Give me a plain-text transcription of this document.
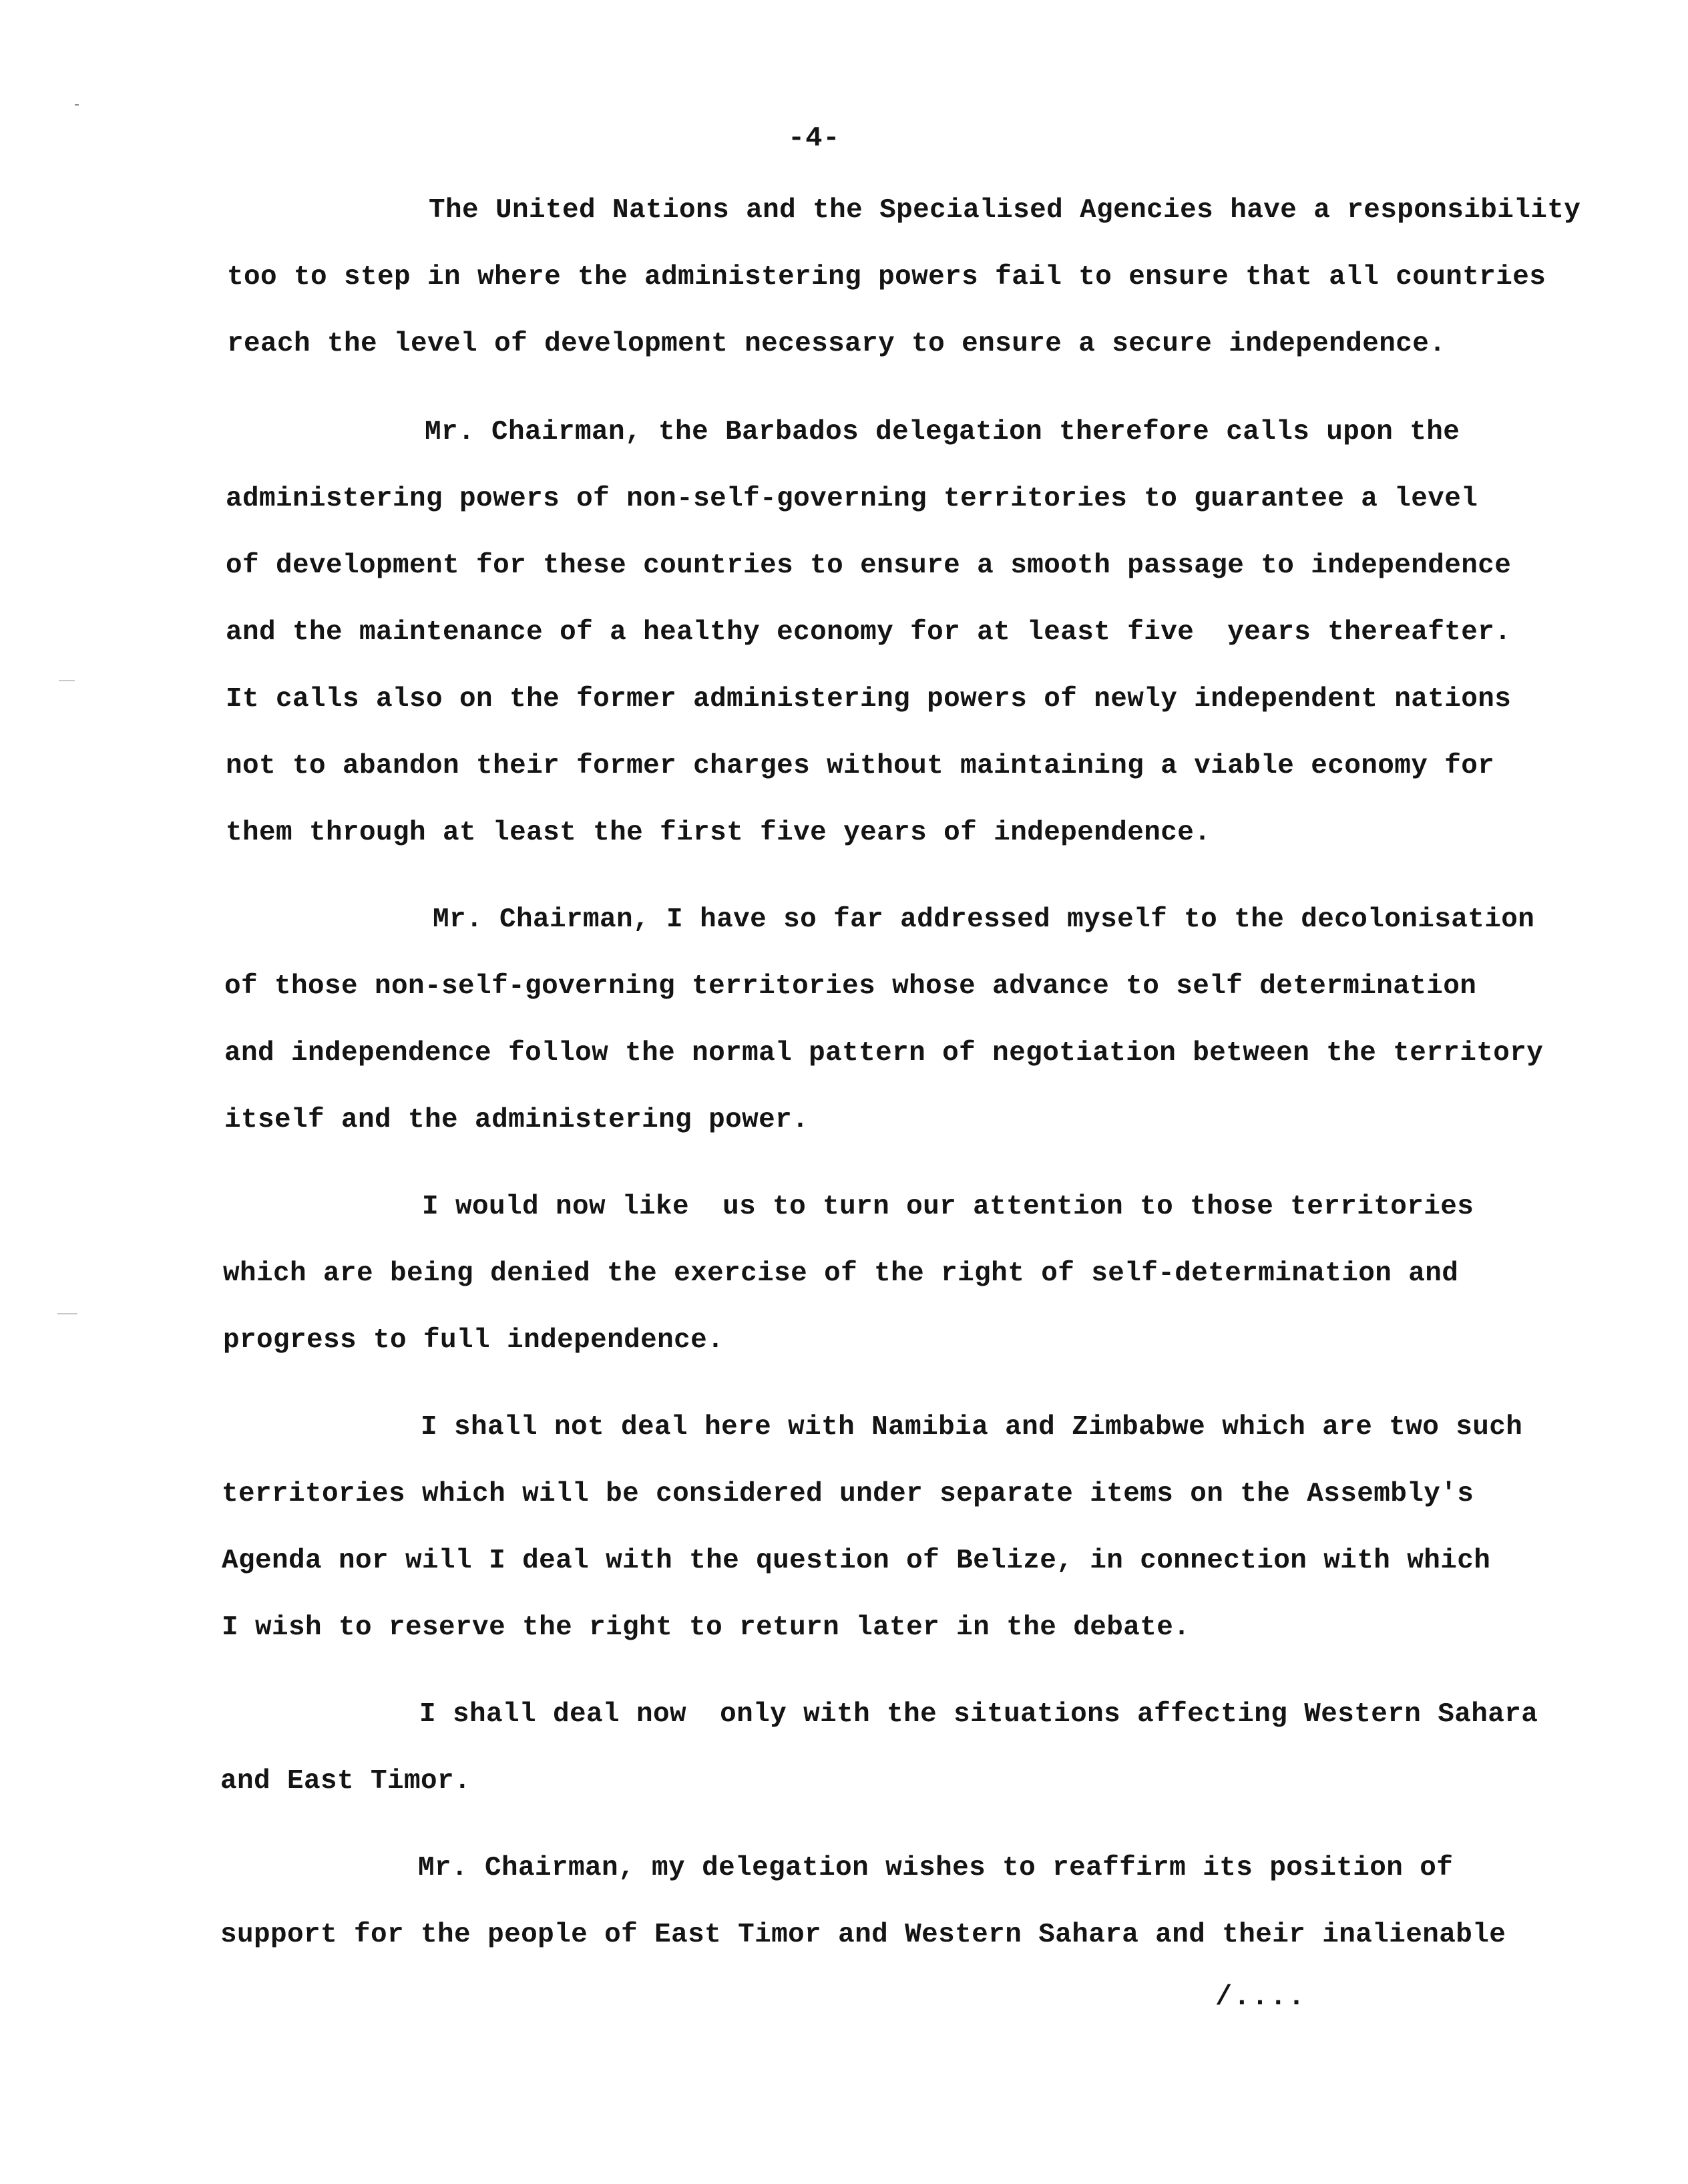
-4-
The United Nations and the Specialised Agencies have a responsibility
too to step in where the administering powers fail to ensure that all countries
reach the level of development necessary to ensure a secure independence.
Mr. Chairman, the Barbados delegation therefore calls upon the
administering powers of non-self-governing territories to guarantee a level
of development for these countries to ensure a smooth passage to independence
and the maintenance of a healthy economy for at least five  years thereafter.
It calls also on the former administering powers of newly independent nations
not to abandon their former charges without maintaining a viable economy for
them through at least the first five years of independence.
Mr. Chairman, I have so far addressed myself to the decolonisation
of those non-self-governing territories whose advance to self determination
and independence follow the normal pattern of negotiation between the territory
itself and the administering power.
I would now like  us to turn our attention to those territories
which are being denied the exercise of the right of self-determination and
progress to full independence.
I shall not deal here with Namibia and Zimbabwe which are two such
territories which will be considered under separate items on the Assembly's
Agenda nor will I deal with the question of Belize, in connection with which
I wish to reserve the right to return later in the debate.
I shall deal now  only with the situations affecting Western Sahara
and East Timor.
Mr. Chairman, my delegation wishes to reaffirm its position of
support for the people of East Timor and Western Sahara and their inalienable
/....
